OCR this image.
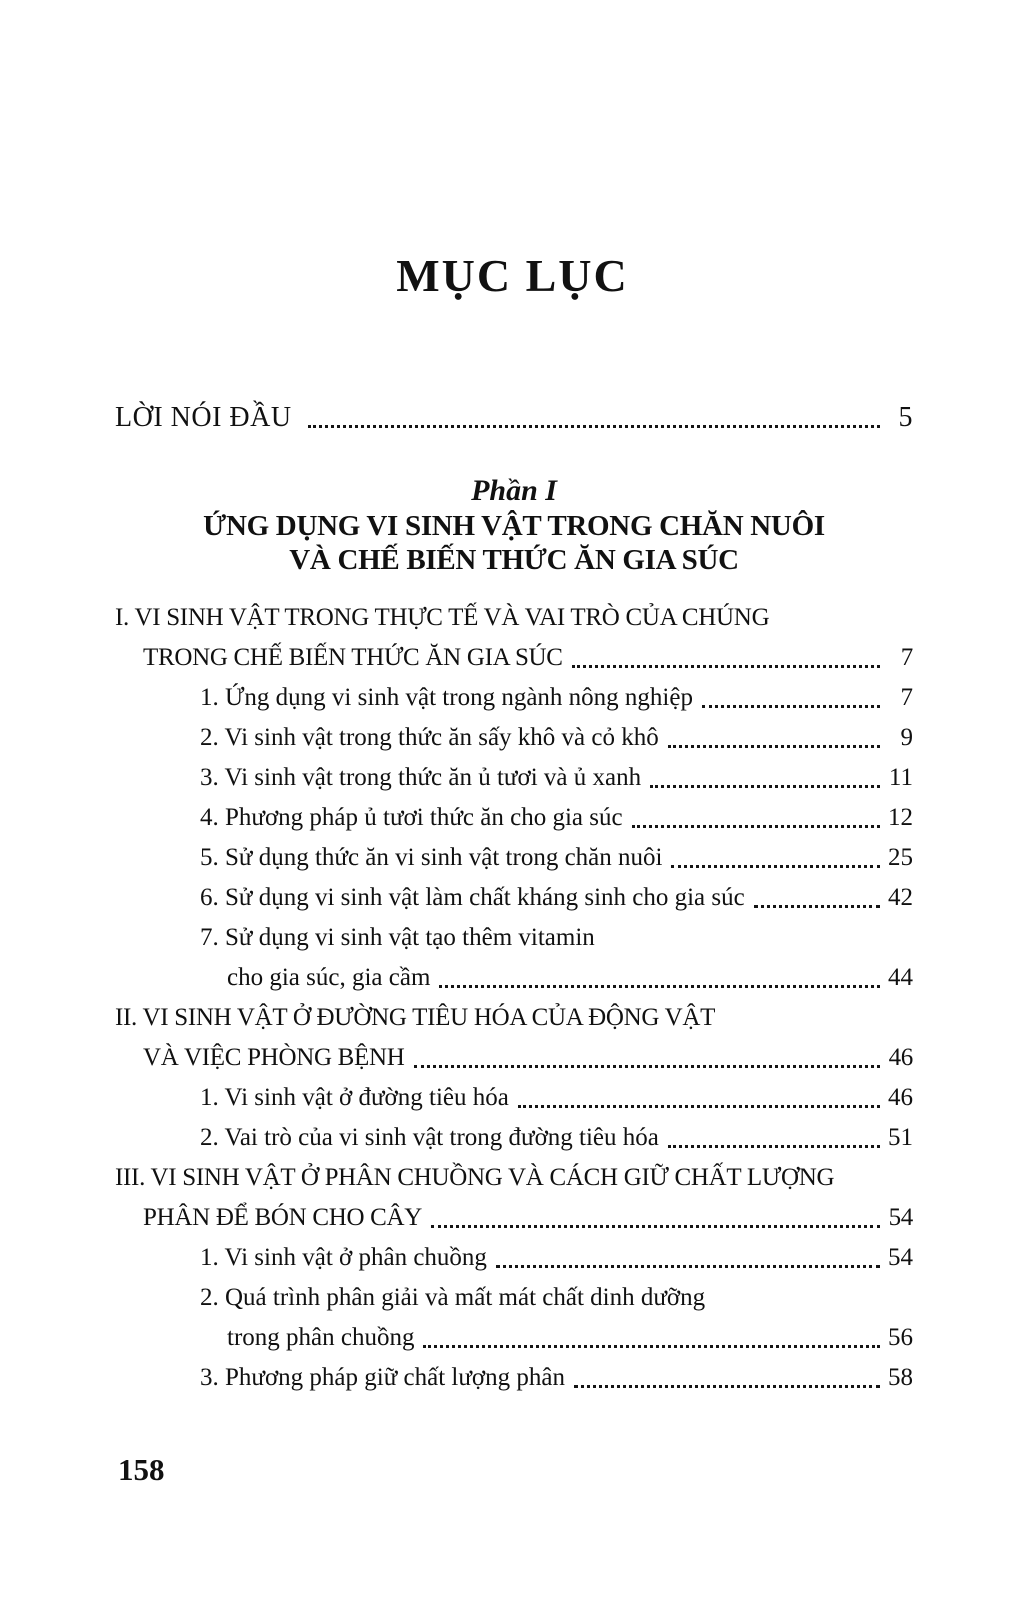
MỤC LỤC
LỜI NÓI ĐẦU	5
Phần I
ỨNG DỤNG VI SINH VẬT TRONG CHĂN NUÔI
VÀ CHẾ BIẾN THỨC ĂN GIA SÚC
I. VI SINH VẬT TRONG THỰC TẾ VÀ VAI TRÒ CỦA CHÚNG
TRONG CHẾ BIẾN THỨC ĂN GIA SÚC	7
1. Ứng dụng vi sinh vật trong ngành nông nghiệp	7
2. Vi sinh vật trong thức ăn sấy khô và cỏ khô	9
3. Vi sinh vật trong thức ăn ủ tươi và ủ xanh	11
4. Phương pháp ủ tươi thức ăn cho gia súc	12
5. Sử dụng thức ăn vi sinh vật trong chăn nuôi	25
6. Sử dụng vi sinh vật làm chất kháng sinh cho gia súc	42
7. Sử dụng vi sinh vật tạo thêm vitamin
cho gia súc, gia cầm	44
II. VI SINH VẬT Ở ĐƯỜNG TIÊU HÓA CỦA ĐỘNG VẬT
VÀ VIỆC PHÒNG BỆNH	46
1. Vi sinh vật ở đường tiêu hóa	46
2. Vai trò của vi sinh vật trong đường tiêu hóa	51
III. VI SINH VẬT Ở PHÂN CHUỒNG VÀ CÁCH GIỮ CHẤT LƯỢNG
PHÂN ĐỂ BÓN CHO CÂY	54
1. Vi sinh vật ở phân chuồng	54
2. Quá trình phân giải và mất mát chất dinh dưỡng
trong phân chuồng	56
3. Phương pháp giữ chất lượng phân	58
158
